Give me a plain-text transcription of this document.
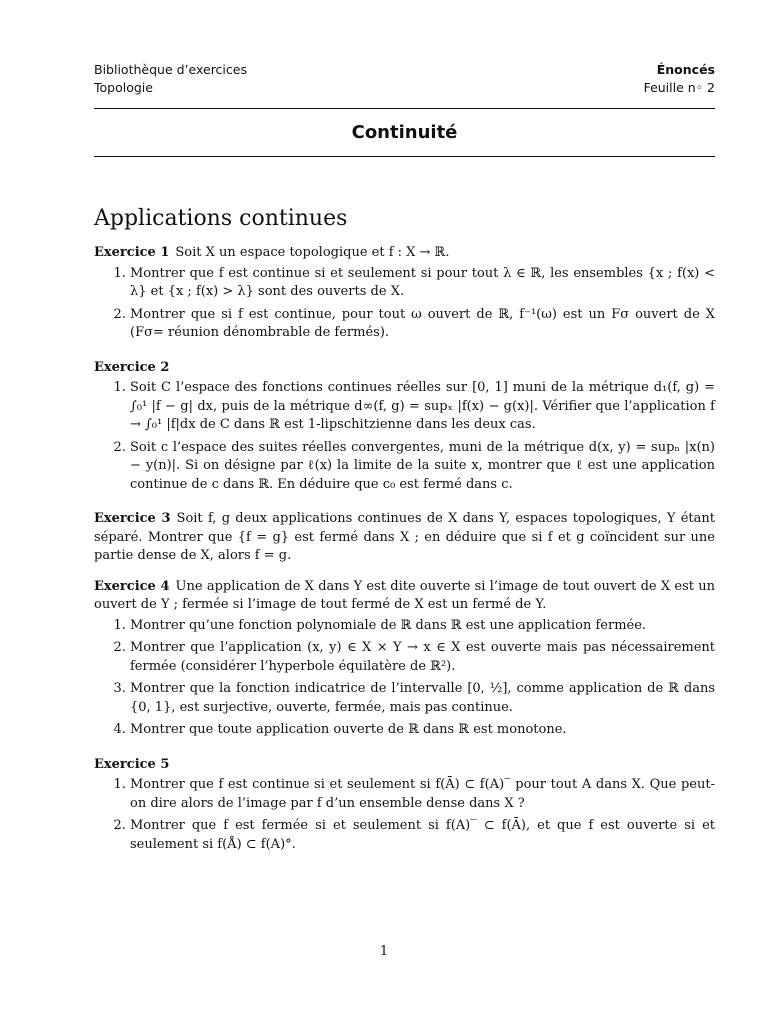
Bibliothèque d’exercices
Topologie
Énoncés
Feuille n◦ 2
Continuité
Applications continues
Exercice 1 Soit X un espace topologique et f : X → ℝ.
1. Montrer que f est continue si et seulement si pour tout λ ∈ ℝ, les ensembles {x ; f(x) < λ} et {x ; f(x) > λ} sont des ouverts de X.
2. Montrer que si f est continue, pour tout ω ouvert de ℝ, f⁻¹(ω) est un Fσ ouvert de X (Fσ= réunion dénombrable de fermés).
Exercice 2
1. Soit C l’espace des fonctions continues réelles sur [0, 1] muni de la métrique d₁(f, g) = ∫₀¹ |f − g| dx, puis de la métrique d∞(f, g) = supₓ |f(x) − g(x)|. Vérifier que l’application f → ∫₀¹ |f|dx de C dans ℝ est 1-lipschitzienne dans les deux cas.
2. Soit c l’espace des suites réelles convergentes, muni de la métrique d(x, y) = supₙ |x(n) − y(n)|. Si on désigne par ℓ(x) la limite de la suite x, montrer que ℓ est une application continue de c dans ℝ. En déduire que c₀ est fermé dans c.
Exercice 3 Soit f, g deux applications continues de X dans Y, espaces topologiques, Y étant séparé. Montrer que {f = g} est fermé dans X ; en déduire que si f et g coïncident sur une partie dense de X, alors f = g.
Exercice 4 Une application de X dans Y est dite ouverte si l’image de tout ouvert de X est un ouvert de Y ; fermée si l’image de tout fermé de X est un fermé de Y.
1. Montrer qu’une fonction polynomiale de ℝ dans ℝ est une application fermée.
2. Montrer que l’application (x, y) ∈ X × Y → x ∈ X est ouverte mais pas nécessairement fermée (considérer l’hyperbole équilatère de ℝ²).
3. Montrer que la fonction indicatrice de l’intervalle [0, ½], comme application de ℝ dans {0, 1}, est surjective, ouverte, fermée, mais pas continue.
4. Montrer que toute application ouverte de ℝ dans ℝ est monotone.
Exercice 5
1. Montrer que f est continue si et seulement si f(Ā) ⊂ f(A)‾ pour tout A dans X. Que peut-on dire alors de l’image par f d’un ensemble dense dans X ?
2. Montrer que f est fermée si et seulement si f(A)‾ ⊂ f(Ā), et que f est ouverte si et seulement si f(Å) ⊂ f(A)°.
1
